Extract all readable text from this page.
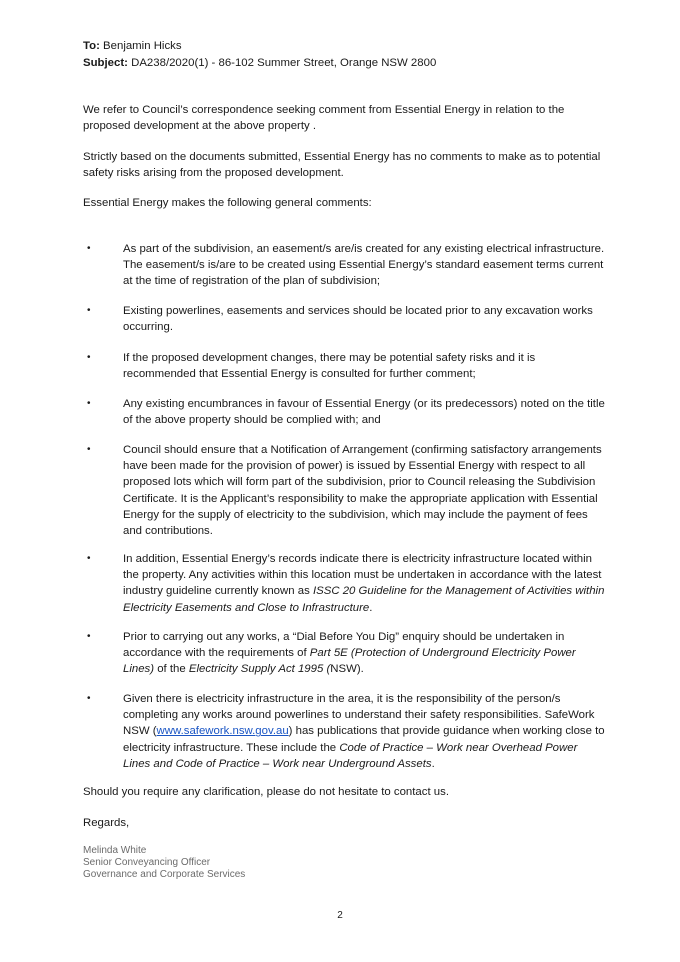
To: Benjamin Hicks
Subject: DA238/2020(1) - 86-102 Summer Street, Orange NSW 2800
We refer to Council’s correspondence seeking comment from Essential Energy in relation to the proposed development at the above property .
Strictly based on the documents submitted, Essential Energy has no comments to make as to potential safety risks arising from the proposed development.
Essential Energy makes the following general comments:
•	As part of the subdivision, an easement/s are/is created for any existing electrical infrastructure. The easement/s is/are to be created using Essential Energy’s standard easement terms current at the time of registration of the plan of subdivision;
•	Existing powerlines, easements and services should be located prior to any excavation works occurring.
•	If the proposed development changes, there may be potential safety risks and it is recommended that Essential Energy is consulted for further comment;
•	Any existing encumbrances in favour of Essential Energy (or its predecessors) noted on the title of the above property should be complied with; and
•	Council should ensure that a Notification of Arrangement (confirming satisfactory arrangements have been made for the provision of power) is issued by Essential Energy with respect to all proposed lots which will form part of the subdivision, prior to Council releasing the Subdivision Certificate. It is the Applicant’s responsibility to make the appropriate application with Essential Energy for the supply of electricity to the subdivision, which may include the payment of fees and contributions.
•	In addition, Essential Energy’s records indicate there is electricity infrastructure located within the property. Any activities within this location must be undertaken in accordance with the latest industry guideline currently known as ISSC 20 Guideline for the Management of Activities within Electricity Easements and Close to Infrastructure.
•	Prior to carrying out any works, a “Dial Before You Dig” enquiry should be undertaken in accordance with the requirements of Part 5E (Protection of Underground Electricity Power Lines) of the Electricity Supply Act 1995 (NSW).
•	Given there is electricity infrastructure in the area, it is the responsibility of the person/s completing any works around powerlines to understand their safety responsibilities. SafeWork NSW (www.safework.nsw.gov.au) has publications that provide guidance when working close to electricity infrastructure. These include the Code of Practice – Work near Overhead Power Lines and Code of Practice – Work near Underground Assets.
Should you require any clarification, please do not hesitate to contact us.
Regards,
Melinda White
Senior Conveyancing Officer
Governance and Corporate Services
2
